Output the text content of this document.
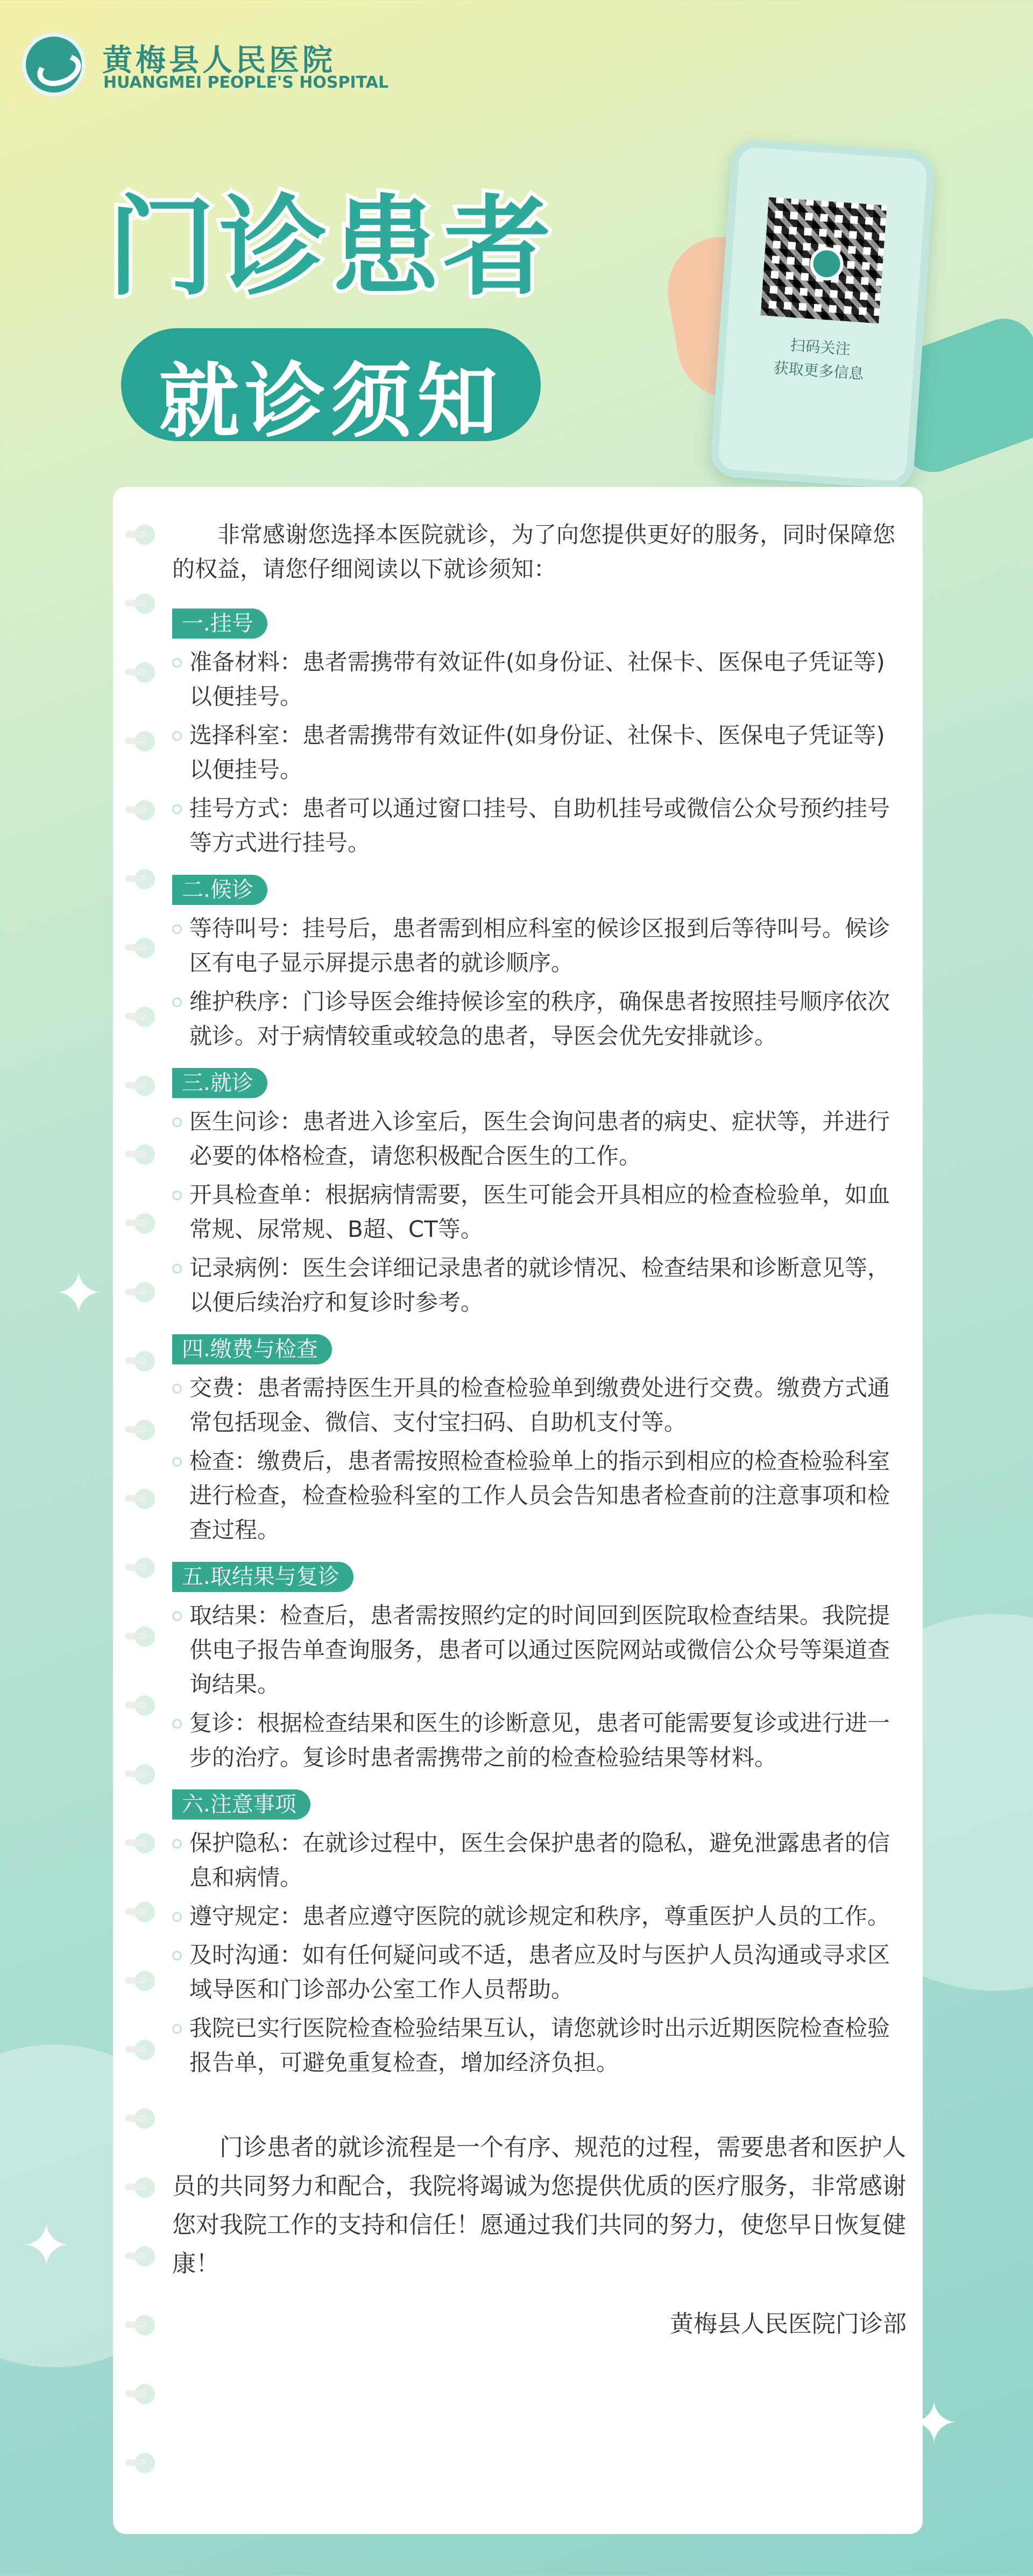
黄梅县人民医院
HUANGMEI PEOPLE'S HOSPITAL
门诊患者
就诊须知
扫码关注
获取更多信息

非常感谢您选择本医院就诊，为了向您提供更好的服务，同时保障您的权益，请您仔细阅读以下就诊须知：

一.挂号
准备材料：患者需携带有效证件(如身份证、社保卡、医保电子凭证等)以便挂号。
选择科室：患者需携带有效证件(如身份证、社保卡、医保电子凭证等)以便挂号。
挂号方式：患者可以通过窗口挂号、自助机挂号或微信公众号预约挂号等方式进行挂号。
二.候诊
等待叫号：挂号后，患者需到相应科室的候诊区报到后等待叫号。候诊区有电子显示屏提示患者的就诊顺序。
维护秩序：门诊导医会维持候诊室的秩序，确保患者按照挂号顺序依次就诊。对于病情较重或较急的患者，导医会优先安排就诊。
三.就诊
医生问诊：患者进入诊室后，医生会询问患者的病史、症状等，并进行必要的体格检查，请您积极配合医生的工作。
开具检查单：根据病情需要，医生可能会开具相应的检查检验单，如血常规、尿常规、B超、CT等。
记录病例：医生会详细记录患者的就诊情况、检查结果和诊断意见等，以便后续治疗和复诊时参考。
四.缴费与检查
交费：患者需持医生开具的检查检验单到缴费处进行交费。缴费方式通常包括现金、微信、支付宝扫码、自助机支付等。
检查：缴费后，患者需按照检查检验单上的指示到相应的检查检验科室进行检查，检查检验科室的工作人员会告知患者检查前的注意事项和检查过程。
五.取结果与复诊
取结果：检查后，患者需按照约定的时间回到医院取检查结果。我院提供电子报告单查询服务，患者可以通过医院网站或微信公众号等渠道查询结果。
复诊：根据检查结果和医生的诊断意见，患者可能需要复诊或进行进一步的治疗。复诊时患者需携带之前的检查检验结果等材料。
六.注意事项
保护隐私：在就诊过程中，医生会保护患者的隐私，避免泄露患者的信息和病情。
遵守规定：患者应遵守医院的就诊规定和秩序，尊重医护人员的工作。
及时沟通：如有任何疑问或不适，患者应及时与医护人员沟通或寻求区域导医和门诊部办公室工作人员帮助。
我院已实行医院检查检验结果互认，请您就诊时出示近期医院检查检验报告单，可避免重复检查，增加经济负担。

门诊患者的就诊流程是一个有序、规范的过程，需要患者和医护人员的共同努力和配合，我院将竭诚为您提供优质的医疗服务，非常感谢您对我院工作的支持和信任！愿通过我们共同的努力，使您早日恢复健康！

黄梅县人民医院门诊部
✦
✦
✦
